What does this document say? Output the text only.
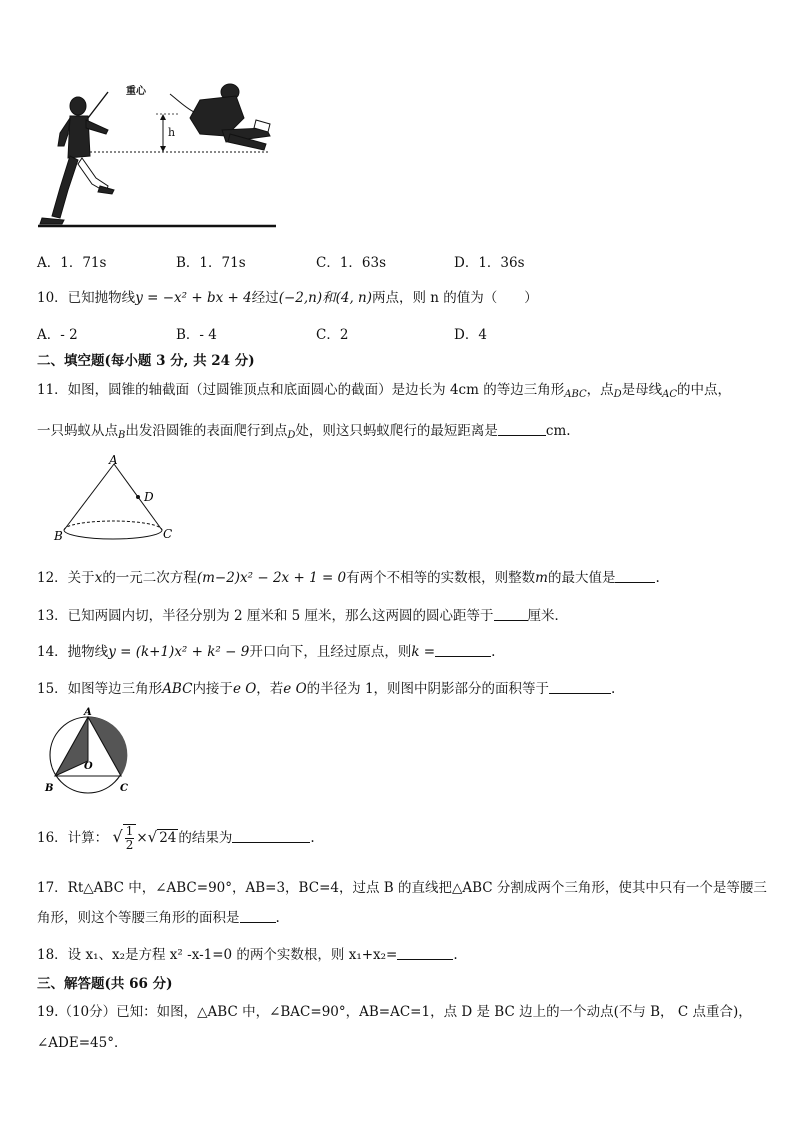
重心
h
A．1．71s	B．1．71s	C．1．63s	D．1．36s
10．已知抛物线y = −x² + bx + 4经过(−2,n)和(4, n)两点，则 n 的值为（　　）
A．- 2	B．- 4	C．2	D．4
二、填空题(每小题 3 分, 共 24 分)
11．如图，圆锥的轴截面（过圆锥顶点和底面圆心的截面）是边长为 4cm 的等边三角形$_{ABC}$，点$_D$是母线$_{AC}$的中点，
一只蚂蚁从点$_B$出发沿圆锥的表面爬行到点$_D$处，则这只蚂蚁爬行的最短距离是	cm.
A
D
B	C
12．关于x的一元二次方程(m−2)x² − 2x + 1 = 0有两个不相等的实数根，则整数m的最大值是	.
13．已知两圆内切，半径分别为 2 厘米和 5 厘米，那么这两圆的圆心距等于	厘米．
14．抛物线y = (k+1)x² + k² − 9开口向下，且经过原点，则k =	.
15．如图等边三角形ABC内接于e O，若e O的半径为 1，则图中阴影部分的面积等于	.
A
O
B	C
16．计算： √ $\frac{1}{2}$ ×√ 24 的结果为	.
17．Rt△ABC 中，∠ABC=90°，AB=3，BC=4，过点 B 的直线把△ABC 分割成两个三角形，使其中只有一个是等腰三
角形，则这个等腰三角形的面积是	.
18．设 x₁、x₂是方程 x² -x-1=0 的两个实数根，则 x₁+x₂=	.
三、解答题(共 66 分)
19.（10分）已知：如图，△ABC 中，∠BAC=90°，AB=AC=1，点 D 是 BC 边上的一个动点(不与 B， C 点重合)，
∠ADE=45°．
